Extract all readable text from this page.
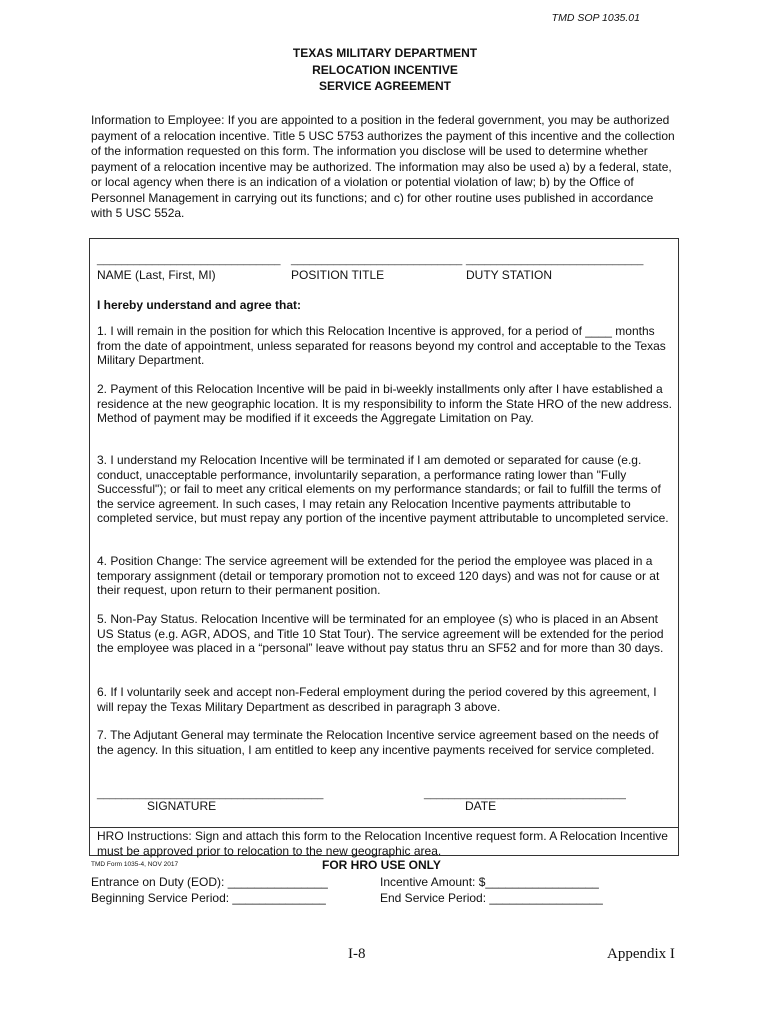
TMD SOP 1035.01
TEXAS MILITARY DEPARTMENT
RELOCATION INCENTIVE
SERVICE AGREEMENT
Information to Employee: If you are appointed to a position in the federal government, you may be authorized payment of a relocation incentive. Title 5 USC 5753 authorizes the payment of this incentive and the collection of the information requested on this form. The information you disclose will be used to determine whether payment of a relocation incentive may be authorized. The information may also be used a) by a federal, state, or local agency when there is an indication of a violation or potential violation of law; b) by the Office of Personnel Management in carrying out its functions; and c) for other routine uses published in accordance with 5 USC 552a.
______________________________
NAME (Last, First, MI)
____________________________
POSITION TITLE
_____________________________
DUTY STATION
I hereby understand and agree that:
1. I will remain in the position for which this Relocation Incentive is approved, for a period of ____ months from the date of appointment, unless separated for reasons beyond my control and acceptable to the Texas Military Department.
2. Payment of this Relocation Incentive will be paid in bi-weekly installments only after I have established a residence at the new geographic location. It is my responsibility to inform the State HRO of the new address. Method of payment may be modified if it exceeds the Aggregate Limitation on Pay.
3. I understand my Relocation Incentive will be terminated if I am demoted or separated for cause (e.g. conduct, unacceptable performance, involuntarily separation, a performance rating lower than "Fully Successful"); or fail to meet any critical elements on my performance standards; or fail to fulfill the terms of the service agreement. In such cases, I may retain any Relocation Incentive payments attributable to completed service, but must repay any portion of the incentive payment attributable to uncompleted service.
4. Position Change: The service agreement will be extended for the period the employee was placed in a temporary assignment (detail or temporary promotion not to exceed 120 days) and was not for cause or at their request, upon return to their permanent position.
5. Non-Pay Status. Relocation Incentive will be terminated for an employee (s) who is placed in an Absent US Status (e.g. AGR, ADOS, and Title 10 Stat Tour). The service agreement will be extended for the period the employee was placed in a “personal” leave without pay status thru an SF52 and for more than 30 days.
6. If I voluntarily seek and accept non-Federal employment during the period covered by this agreement, I will repay the Texas Military Department as described in paragraph 3 above.
7. The Adjutant General may terminate the Relocation Incentive service agreement based on the needs of the agency. In this situation, I am entitled to keep any incentive payments received for service completed.
_____________________________________
SIGNATURE
_________________________________
DATE
HRO Instructions: Sign and attach this form to the Relocation Incentive request form. A Relocation Incentive must be approved prior to relocation to the new geographic area.
TMD Form 1035-4, NOV 2017	FOR HRO USE ONLY
Entrance on Duty (EOD): _______________
Beginning Service Period: ______________
Incentive Amount: $_________________
End Service Period: _________________
I-8	Appendix I
